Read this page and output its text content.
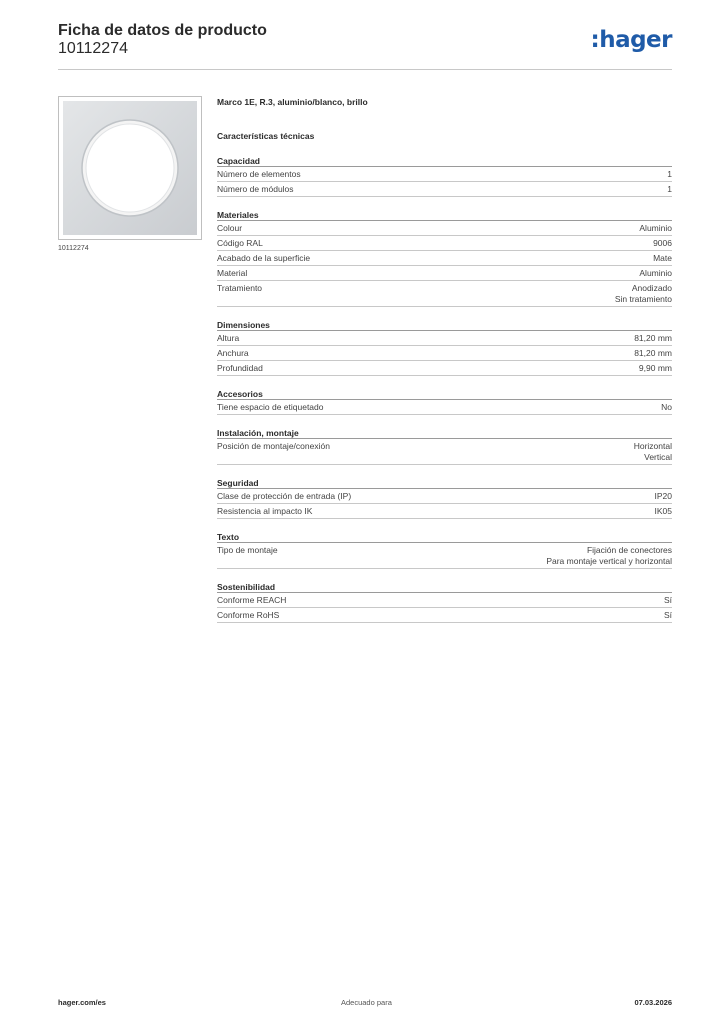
Ficha de datos de producto
10112274	:hager
10112274
Marco 1E, R.3, aluminio/blanco, brillo
Características técnicas
Capacidad
Número de elementos	1
Número de módulos	1
Materiales
Colour	Aluminio
Código RAL	9006
Acabado de la superficie	Mate
Material	Aluminio
Tratamiento	Anodizado
Sin tratamiento
Dimensiones
Altura	81,20 mm
Anchura	81,20 mm
Profundidad	9,90 mm
Accesorios
Tiene espacio de etiquetado	No
Instalación, montaje
Posición de montaje/conexión	Horizontal
Vertical
Seguridad
Clase de protección de entrada (IP)	IP20
Resistencia al impacto IK	IK05
Texto
Tipo de montaje	Fijación de conectores
Para montaje vertical y horizontal
Sostenibilidad
Conforme REACH	Sí
Conforme RoHS	Sí
hager.com/es	Adecuado para	07.03.2026
